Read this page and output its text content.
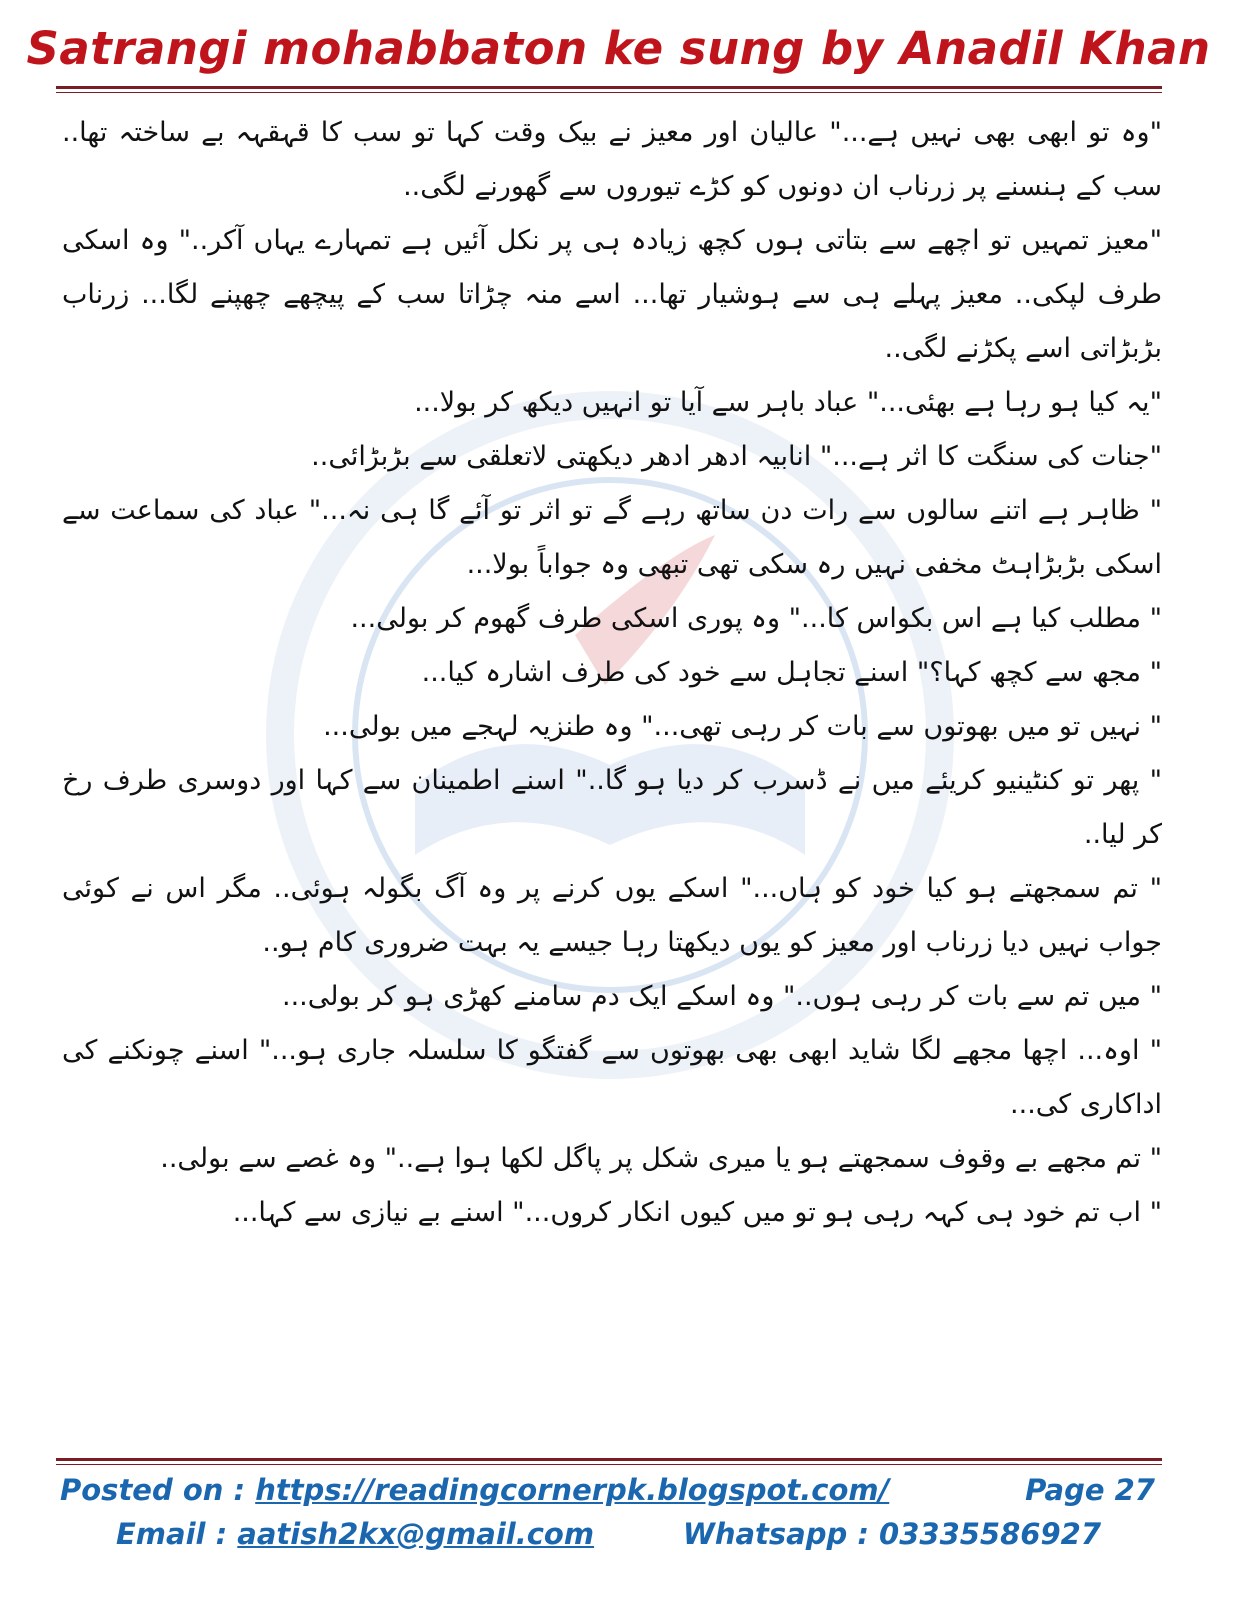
Satrangi mohabbaton ke sung by Anadil Khan

"وہ تو ابھی بھی نہیں ہے..." عالیان اور معیز نے بیک وقت کہا تو سب کا قہقہہ بے ساختہ تھا.. سب کے ہنسنے پر زرناب ان دونوں کو کڑے تیوروں سے گھورنے لگی..

"معیز تمہیں تو اچھے سے بتاتی ہوں کچھ زیادہ ہی پر نکل آئیں ہے تمہارے یہاں آکر.." وہ اسکی طرف لپکی.. معیز پہلے ہی سے ہوشیار تھا... اسے منہ چڑاتا سب کے پیچھے چھپنے لگا... زرناب بڑبڑاتی اسے پکڑنے لگی..

"یہ کیا ہو رہا ہے بھئی..." عباد باہر سے آیا تو انہیں دیکھ کر بولا...

"جنات کی سنگت کا اثر ہے..." انابیہ ادھر ادھر دیکھتی لاتعلقی سے بڑبڑائی..

" ظاہر ہے اتنے سالوں سے رات دن ساتھ رہے گے تو اثر تو آئے گا ہی نہ..." عباد کی سماعت سے اسکی بڑبڑاہٹ مخفی نہیں رہ سکی تھی تبھی وہ جواباً بولا...

" مطلب کیا ہے اس بکواس کا..." وہ پوری اسکی طرف گھوم کر بولی...

" مجھ سے کچھ کہا؟" اسنے تجاہل سے خود کی طرف اشارہ کیا...

" نہیں تو میں بھوتوں سے بات کر رہی تھی..." وہ طنزیہ لہجے میں بولی...

" پھر تو کنٹینیو کریئے میں نے ڈسرب کر دیا ہو گا.." اسنے اطمینان سے کہا اور دوسری طرف رخ کر لیا..

" تم سمجھتے ہو کیا خود کو ہاں..." اسکے یوں کرنے پر وہ آگ بگولہ ہوئی.. مگر اس نے کوئی جواب نہیں دیا زرناب اور معیز کو یوں دیکھتا رہا جیسے یہ بہت ضروری کام ہو..

" میں تم سے بات کر رہی ہوں.." وہ اسکے ایک دم سامنے کھڑی ہو کر بولی...

" اوہ... اچھا مجھے لگا شاید ابھی بھی بھوتوں سے گفتگو کا سلسلہ جاری ہو..." اسنے چونکنے کی اداکاری کی...

" تم مجھے بے وقوف سمجھتے ہو یا میری شکل پر پاگل لکھا ہوا ہے.." وہ غصے سے بولی..

" اب تم خود ہی کہہ رہی ہو تو میں کیوں انکار کروں..." اسنے بے نیازی سے کہا...

Posted on : https://readingcornerpk.blogspot.com/	Page 27
Email : aatish2kx@gmail.com	Whatsapp : 03335586927
